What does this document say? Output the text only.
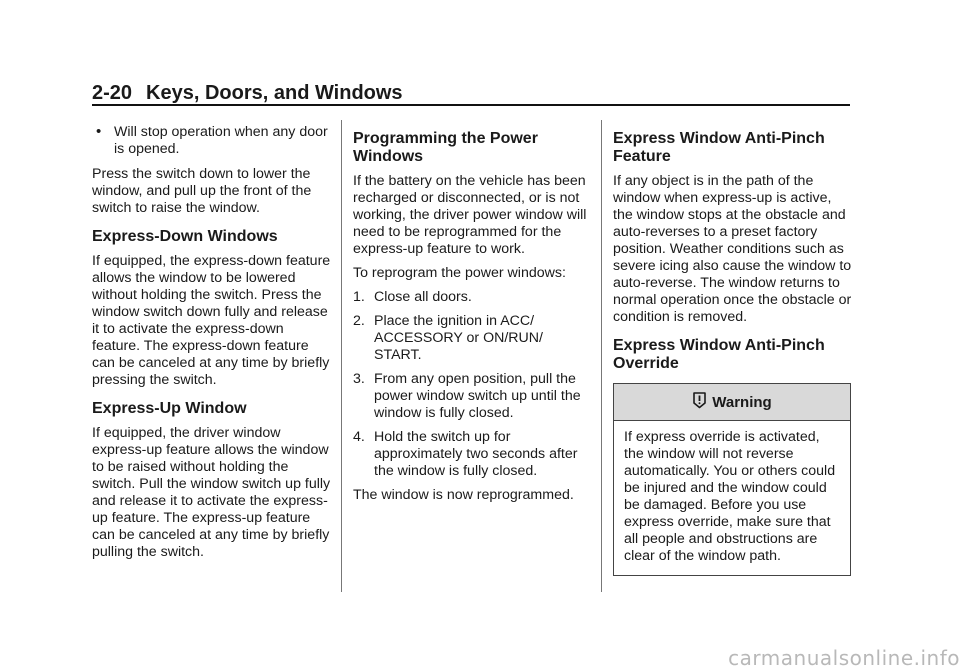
2-20 Keys, Doors, and Windows
• Will stop operation when any door is opened.

Press the switch down to lower the window, and pull up the front of the switch to raise the window.

Express-Down Windows

If equipped, the express-down feature allows the window to be lowered without holding the switch. Press the window switch down fully and release it to activate the express-down feature. The express-down feature can be canceled at any time by briefly pressing the switch.

Express-Up Window

If equipped, the driver window express-up feature allows the window to be raised without holding the switch. Pull the window switch up fully and release it to activate the express-up feature. The express-up feature can be canceled at any time by briefly pulling the switch.

Programming the Power Windows

If the battery on the vehicle has been recharged or disconnected, or is not working, the driver power window will need to be reprogrammed for the express-up feature to work.

To reprogram the power windows:

1. Close all doors.
2. Place the ignition in ACC/ ACCESSORY or ON/RUN/ START.
3. From any open position, pull the power window switch up until the window is fully closed.
4. Hold the switch up for approximately two seconds after the window is fully closed.

The window is now reprogrammed.

Express Window Anti-Pinch Feature

If any object is in the path of the window when express-up is active, the window stops at the obstacle and auto-reverses to a preset factory position. Weather conditions such as severe icing also cause the window to auto-reverse. The window returns to normal operation once the obstacle or condition is removed.

Express Window Anti-Pinch Override
Warning
If express override is activated, the window will not reverse automatically. You or others could be injured and the window could be damaged. Before you use express override, make sure that all people and obstructions are clear of the window path.
carmanualsonline.info
